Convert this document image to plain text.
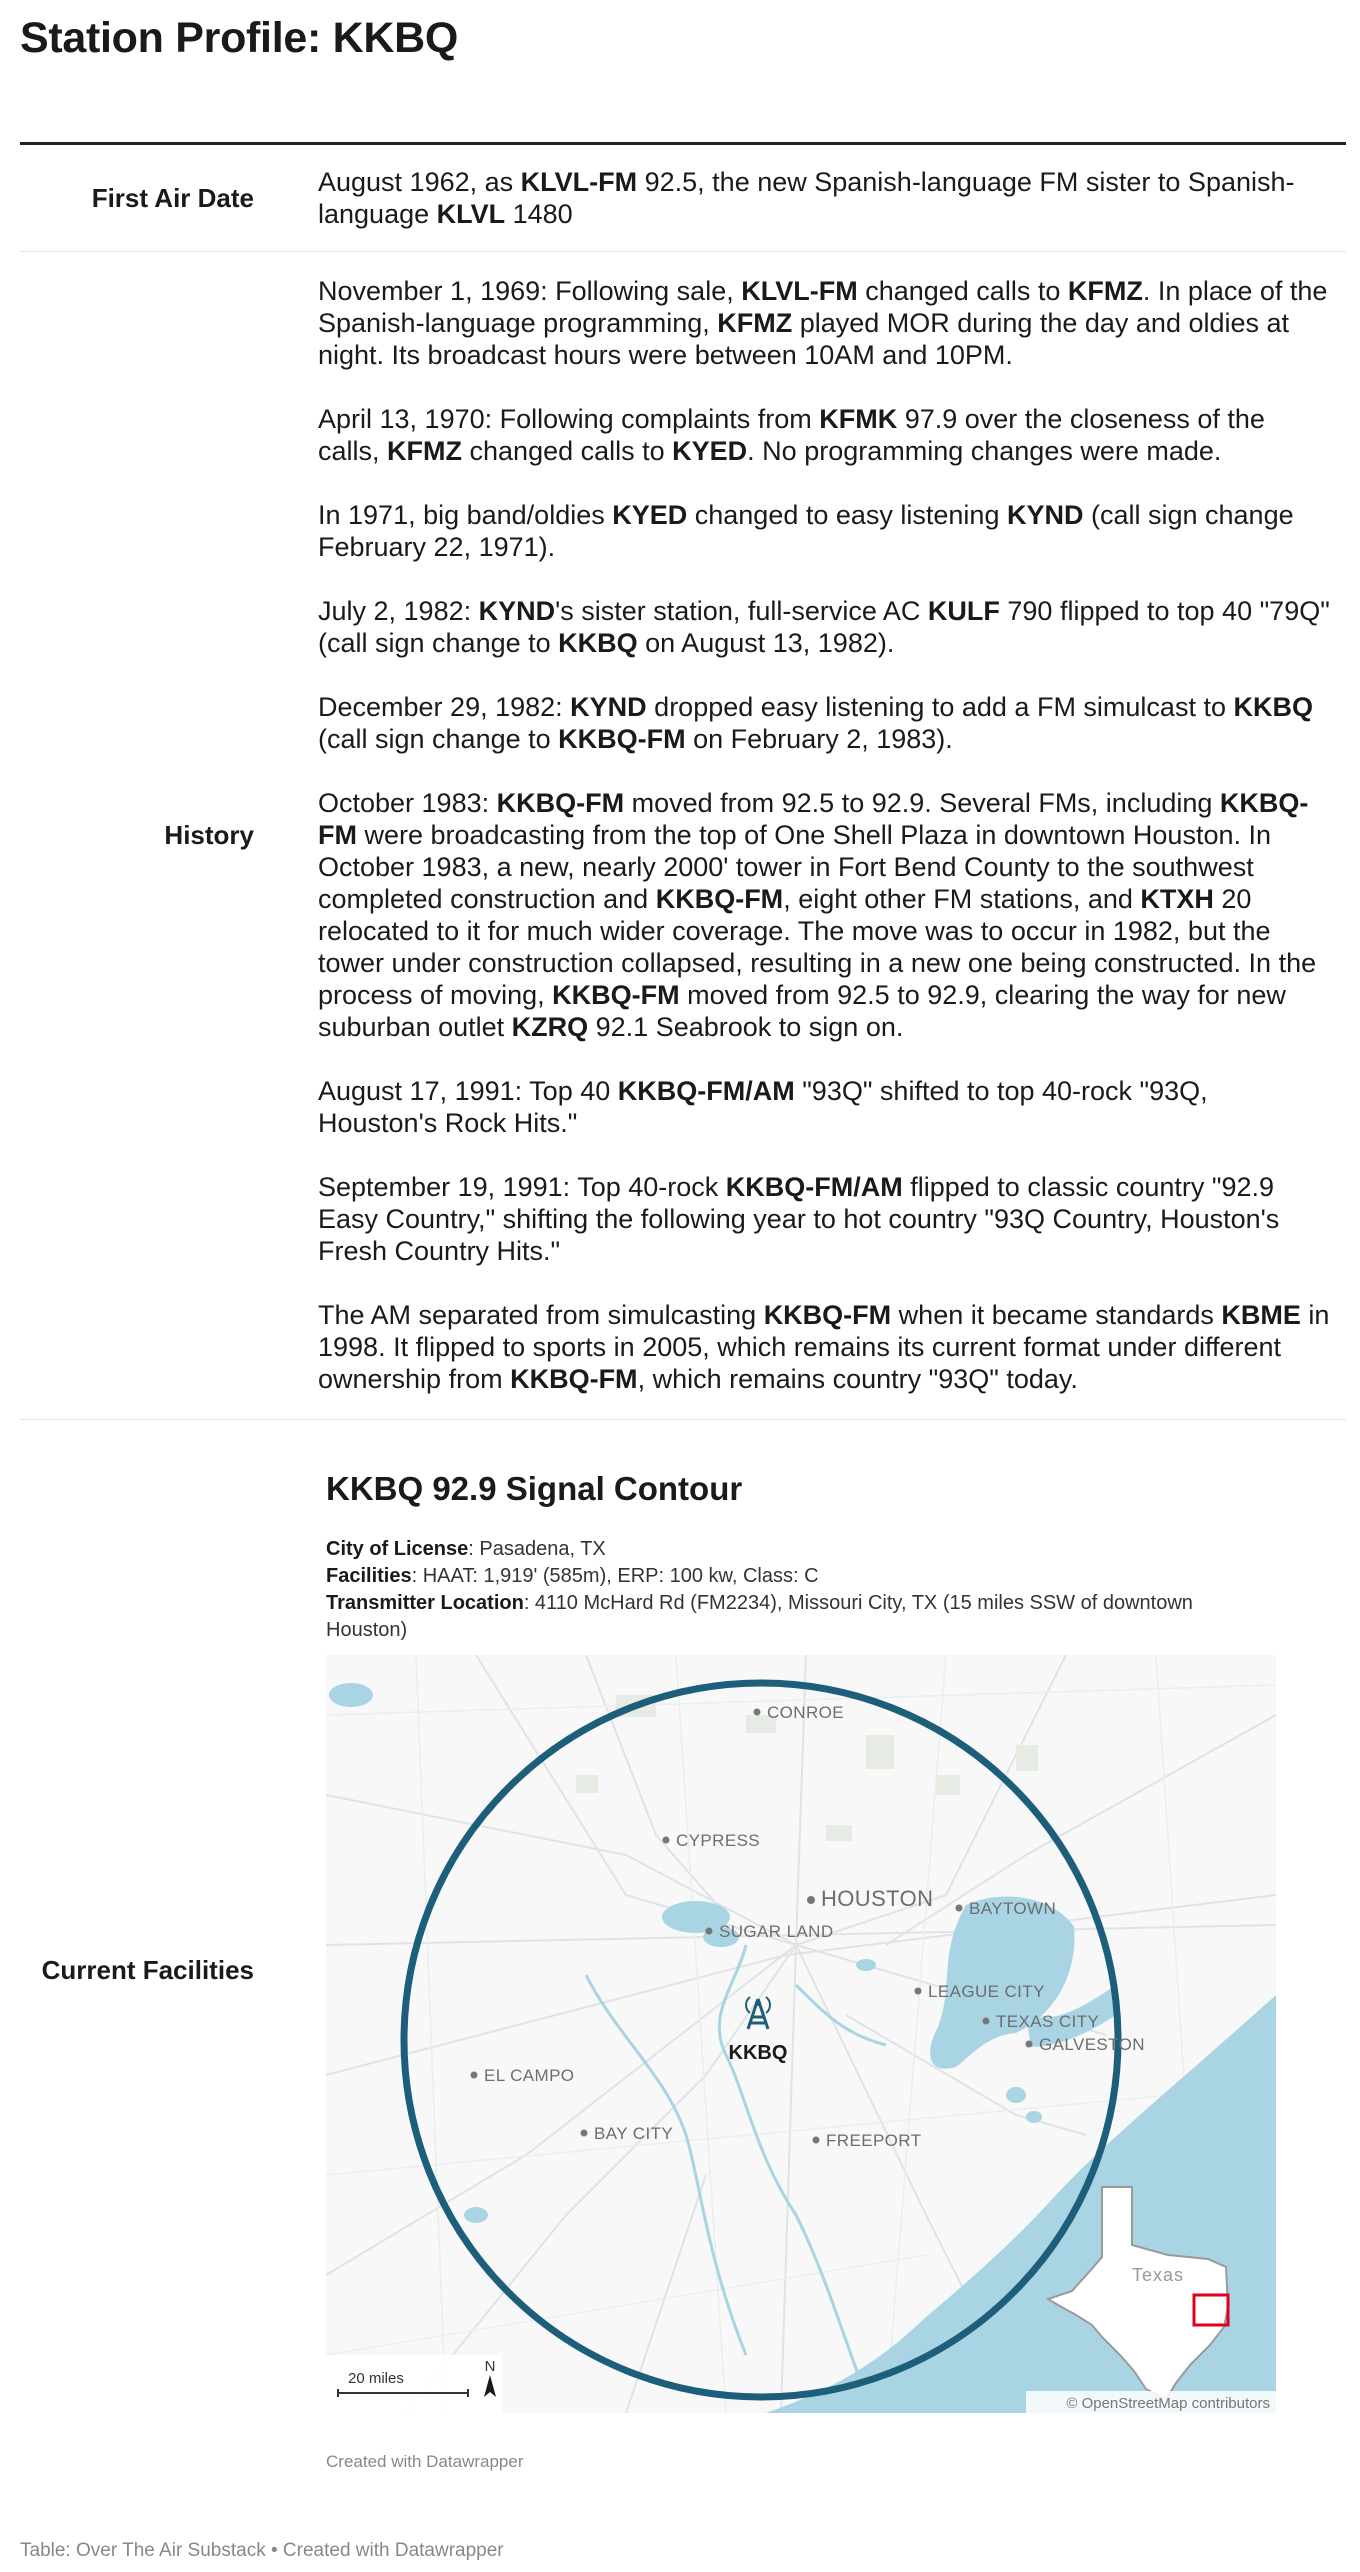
Station Profile: KKBQ
First Air Date

August 1962, as KLVL-FM 92.5, the new Spanish-language FM sister to Spanish-language KLVL 1480

History

November 1, 1969: Following sale, KLVL-FM changed calls to KFMZ. In place of the Spanish-language programming, KFMZ played MOR during the day and oldies at night. Its broadcast hours were between 10AM and 10PM.

April 13, 1970: Following complaints from KFMK 97.9 over the closeness of the calls, KFMZ changed calls to KYED. No programming changes were made.

In 1971, big band/oldies KYED changed to easy listening KYND (call sign change February 22, 1971).

July 2, 1982: KYND's sister station, full-service AC KULF 790 flipped to top 40 "79Q" (call sign change to KKBQ on August 13, 1982).

December 29, 1982: KYND dropped easy listening to add a FM simulcast to KKBQ (call sign change to KKBQ-FM on February 2, 1983).

October 1983: KKBQ-FM moved from 92.5 to 92.9. Several FMs, including KKBQ-FM were broadcasting from the top of One Shell Plaza in downtown Houston. In October 1983, a new, nearly 2000' tower in Fort Bend County to the southwest completed construction and KKBQ-FM, eight other FM stations, and KTXH 20 relocated to it for much wider coverage. The move was to occur in 1982, but the tower under construction collapsed, resulting in a new one being constructed. In the process of moving, KKBQ-FM moved from 92.5 to 92.9, clearing the way for new suburban outlet KZRQ 92.1 Seabrook to sign on.

August 17, 1991: Top 40 KKBQ-FM/AM "93Q" shifted to top 40-rock "93Q, Houston's Rock Hits."

September 19, 1991: Top 40-rock KKBQ-FM/AM flipped to classic country "92.9 Easy Country," shifting the following year to hot country "93Q Country, Houston's Fresh Country Hits."

The AM separated from simulcasting KKBQ-FM when it became standards KBME in 1998. It flipped to sports in 2005, which remains its current format under different ownership from KKBQ-FM, which remains country "93Q" today.

Current Facilities
KKBQ 92.9 Signal Contour
City of License: Pasadena, TX
Facilities: HAAT: 1,919' (585m), ERP: 100 kw, Class: C
Transmitter Location: 4110 McHard Rd (FM2234), Missouri City, TX (15 miles SSW of downtown Houston)
CONROE
CYPRESS
HOUSTON BAYTOWN
SUGAR LAND
LEAGUE CITY
TEXAS CITY
GALVESTON
EL CAMPO
BAY CITY	FREEPORT
KKBQ
Texas
20 miles
N
© OpenStreetMap contributors
Created with Datawrapper
Table: Over The Air Substack • Created with Datawrapper
